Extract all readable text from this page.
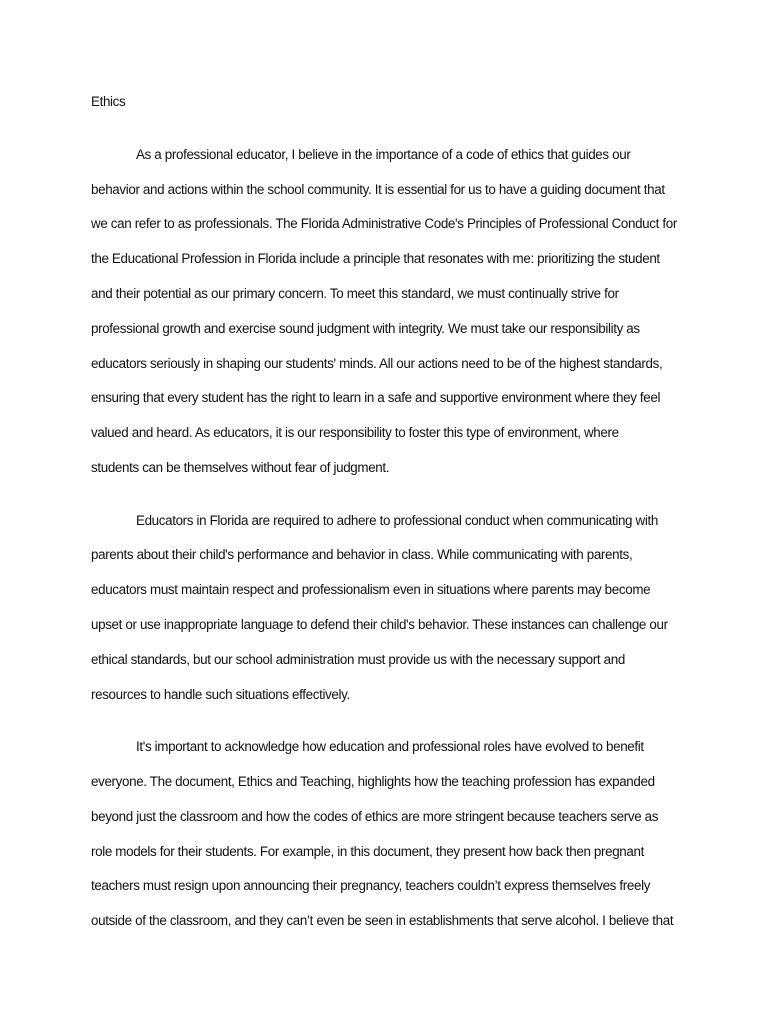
Ethics
As a professional educator, I believe in the importance of a code of ethics that guides our
behavior and actions within the school community. It is essential for us to have a guiding document that
we can refer to as professionals. The Florida Administrative Code's Principles of Professional Conduct for
the Educational Profession in Florida include a principle that resonates with me: prioritizing the student
and their potential as our primary concern. To meet this standard, we must continually strive for
professional growth and exercise sound judgment with integrity. We must take our responsibility as
educators seriously in shaping our students' minds. All our actions need to be of the highest standards,
ensuring that every student has the right to learn in a safe and supportive environment where they feel
valued and heard. As educators, it is our responsibility to foster this type of environment, where
students can be themselves without fear of judgment.
Educators in Florida are required to adhere to professional conduct when communicating with
parents about their child's performance and behavior in class. While communicating with parents,
educators must maintain respect and professionalism even in situations where parents may become
upset or use inappropriate language to defend their child's behavior. These instances can challenge our
ethical standards, but our school administration must provide us with the necessary support and
resources to handle such situations effectively.
It's important to acknowledge how education and professional roles have evolved to benefit
everyone. The document, Ethics and Teaching, highlights how the teaching profession has expanded
beyond just the classroom and how the codes of ethics are more stringent because teachers serve as
role models for their students. For example, in this document, they present how back then pregnant
teachers must resign upon announcing their pregnancy, teachers couldn’t express themselves freely
outside of the classroom, and they can’t even be seen in establishments that serve alcohol. I believe that
